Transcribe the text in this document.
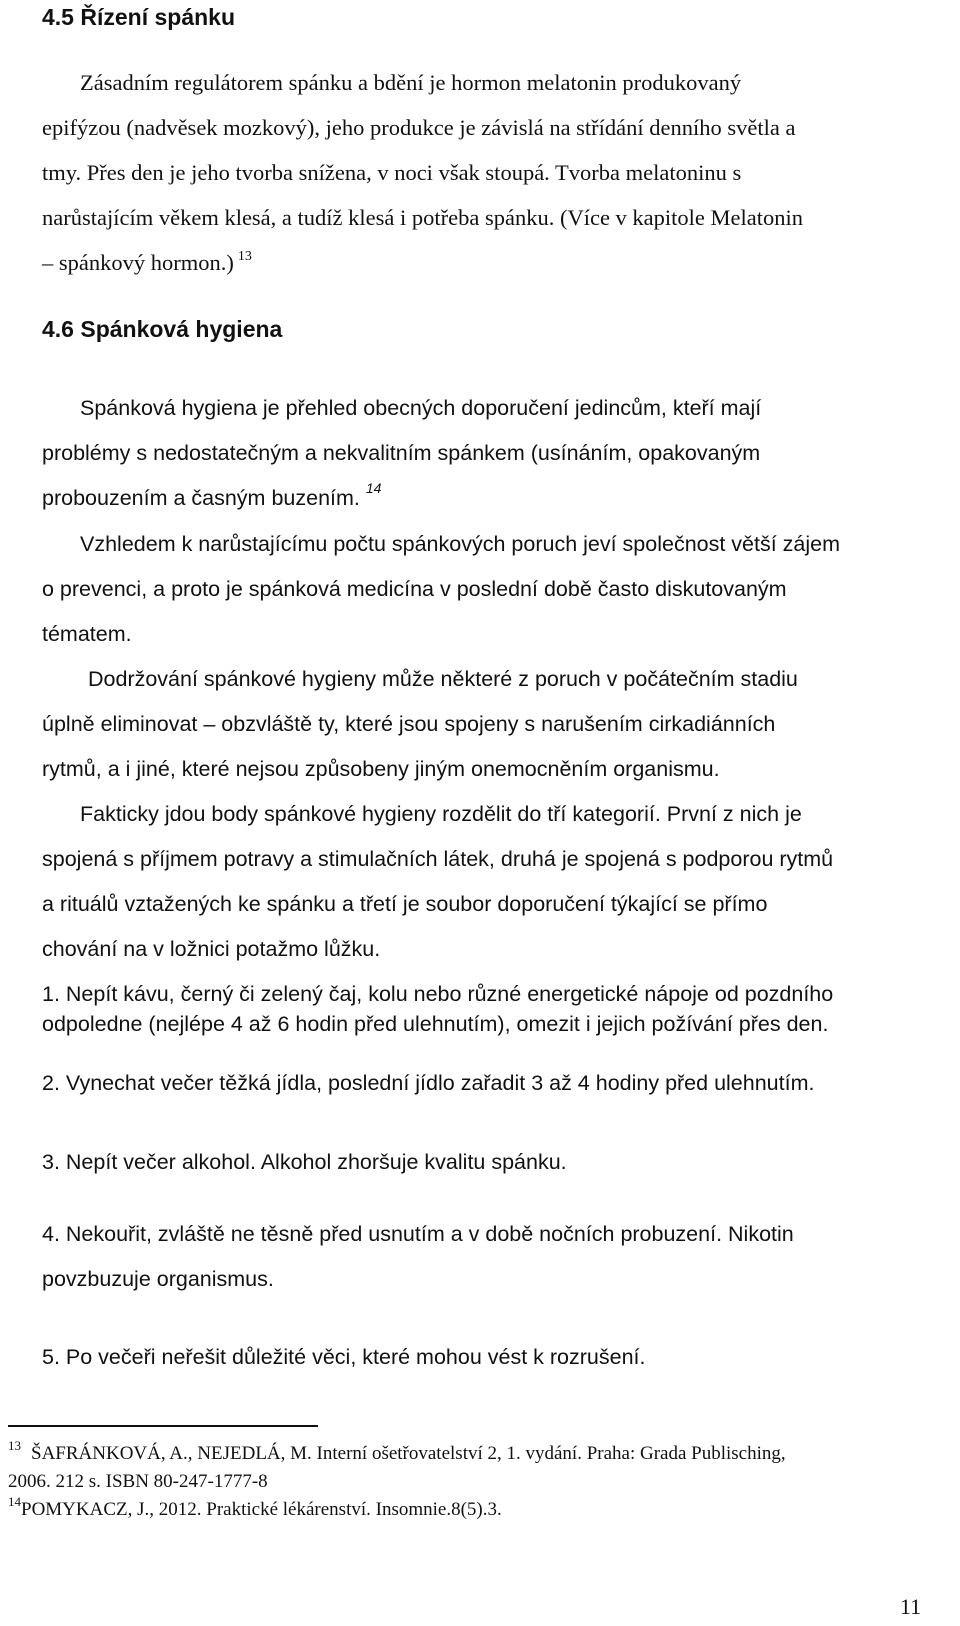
4.5 Řízení spánku
Zásadním regulátorem spánku a bdění je hormon melatonin produkovaný
epifýzou (nadvěsek mozkový), jeho produkce je závislá na střídání denního světla a
tmy. Přes den je jeho tvorba snížena, v noci však stoupá. Tvorba melatoninu s
narůstajícím věkem klesá, a tudíž klesá i potřeba spánku. (Více v kapitole Melatonin
– spánkový hormon.) $^{13}$
4.6 Spánková hygiena
Spánková hygiena je přehled obecných doporučení jedincům, kteří mají
problémy s nedostatečným a nekvalitním spánkem (usínáním, opakovaným
probouzením a časným buzením. $^{14}$
Vzhledem k narůstajícímu počtu spánkových poruch jeví společnost větší zájem
o prevenci, a proto je spánková medicína v poslední době často diskutovaným
tématem.
Dodržování spánkové hygieny může některé z poruch v počátečním stadiu
úplně eliminovat – obzvláště ty, které jsou spojeny s narušením cirkadiánních
rytmů, a i jiné, které nejsou způsobeny jiným onemocněním organismu.
Fakticky jdou body spánkové hygieny rozdělit do tří kategorií. První z nich je
spojená s příjmem potravy a stimulačních látek, druhá je spojená s podporou rytmů
a rituálů vztažených ke spánku a třetí je soubor doporučení týkající se přímo
chování na v ložnici potažmo lůžku.
1. Nepít kávu, černý či zelený čaj, kolu nebo různé energetické nápoje od pozdního
odpoledne (nejlépe 4 až 6 hodin před ulehnutím), omezit i jejich požívání přes den.
2. Vynechat večer těžká jídla, poslední jídlo zařadit 3 až 4 hodiny před ulehnutím.
3. Nepít večer alkohol. Alkohol zhoršuje kvalitu spánku.
4. Nekouřit, zvláště ne těsně před usnutím a v době nočních probuzení. Nikotin
povzbuzuje organismus.
5. Po večeři neřešit důležité věci, které mohou vést k rozrušení.
$^{13}$ ŠAFRÁNKOVÁ, A., NEJEDLÁ, M. Interní ošetřovatelství 2, 1. vydání. Praha: Grada Publisching,
2006. 212 s. ISBN 80-247-1777-8
$^{14}$POMYKACZ, J., 2012. Praktické lékárenství. Insomnie.8(5).3.
11
